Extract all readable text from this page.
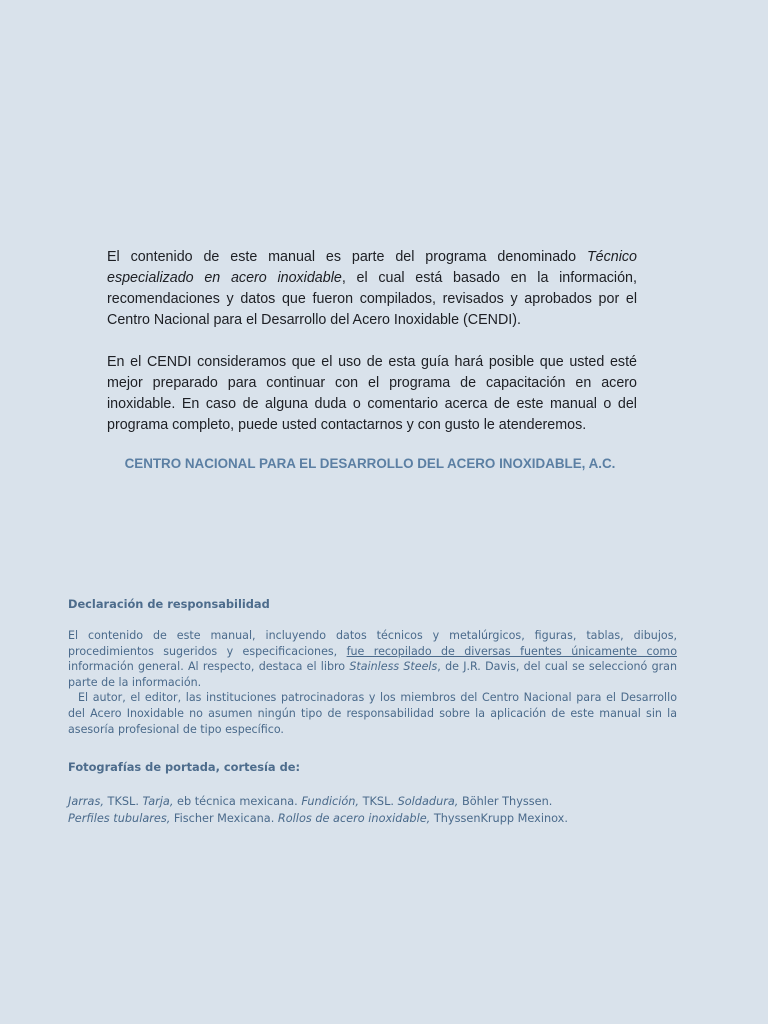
El contenido de este manual es parte del programa denominado Técnico especializado en acero inoxidable, el cual está basado en la información, recomendaciones y datos que fueron compilados, revisados y aprobados por el Centro Nacional para el Desarrollo del Acero Inoxidable (CENDI).

En el CENDI consideramos que el uso de esta guía hará posible que usted esté mejor preparado para continuar con el programa de capacitación en acero inoxidable. En caso de alguna duda o comentario acerca de este manual o del programa completo, puede usted contactarnos y con gusto le atenderemos.

CENTRO NACIONAL PARA EL DESARROLLO DEL ACERO INOXIDABLE, A.C.
Declaración de responsabilidad

El contenido de este manual, incluyendo datos técnicos y metalúrgicos, figuras, tablas, dibujos, procedimientos sugeridos y especificaciones, fue recopilado de diversas fuentes únicamente como información general. Al respecto, destaca el libro Stainless Steels, de J.R. Davis, del cual se seleccionó gran parte de la información.

El autor, el editor, las instituciones patrocinadoras y los miembros del Centro Nacional para el Desarrollo del Acero Inoxidable no asumen ningún tipo de responsabilidad sobre la aplicación de este manual sin la asesoría profesional de tipo específico.

Fotografías de portada, cortesía de:

Jarras, TKSL. Tarja, eb técnica mexicana. Fundición, TKSL. Soldadura, Böhler Thyssen.

Perfiles tubulares, Fischer Mexicana. Rollos de acero inoxidable, ThyssenKrupp Mexinox.
